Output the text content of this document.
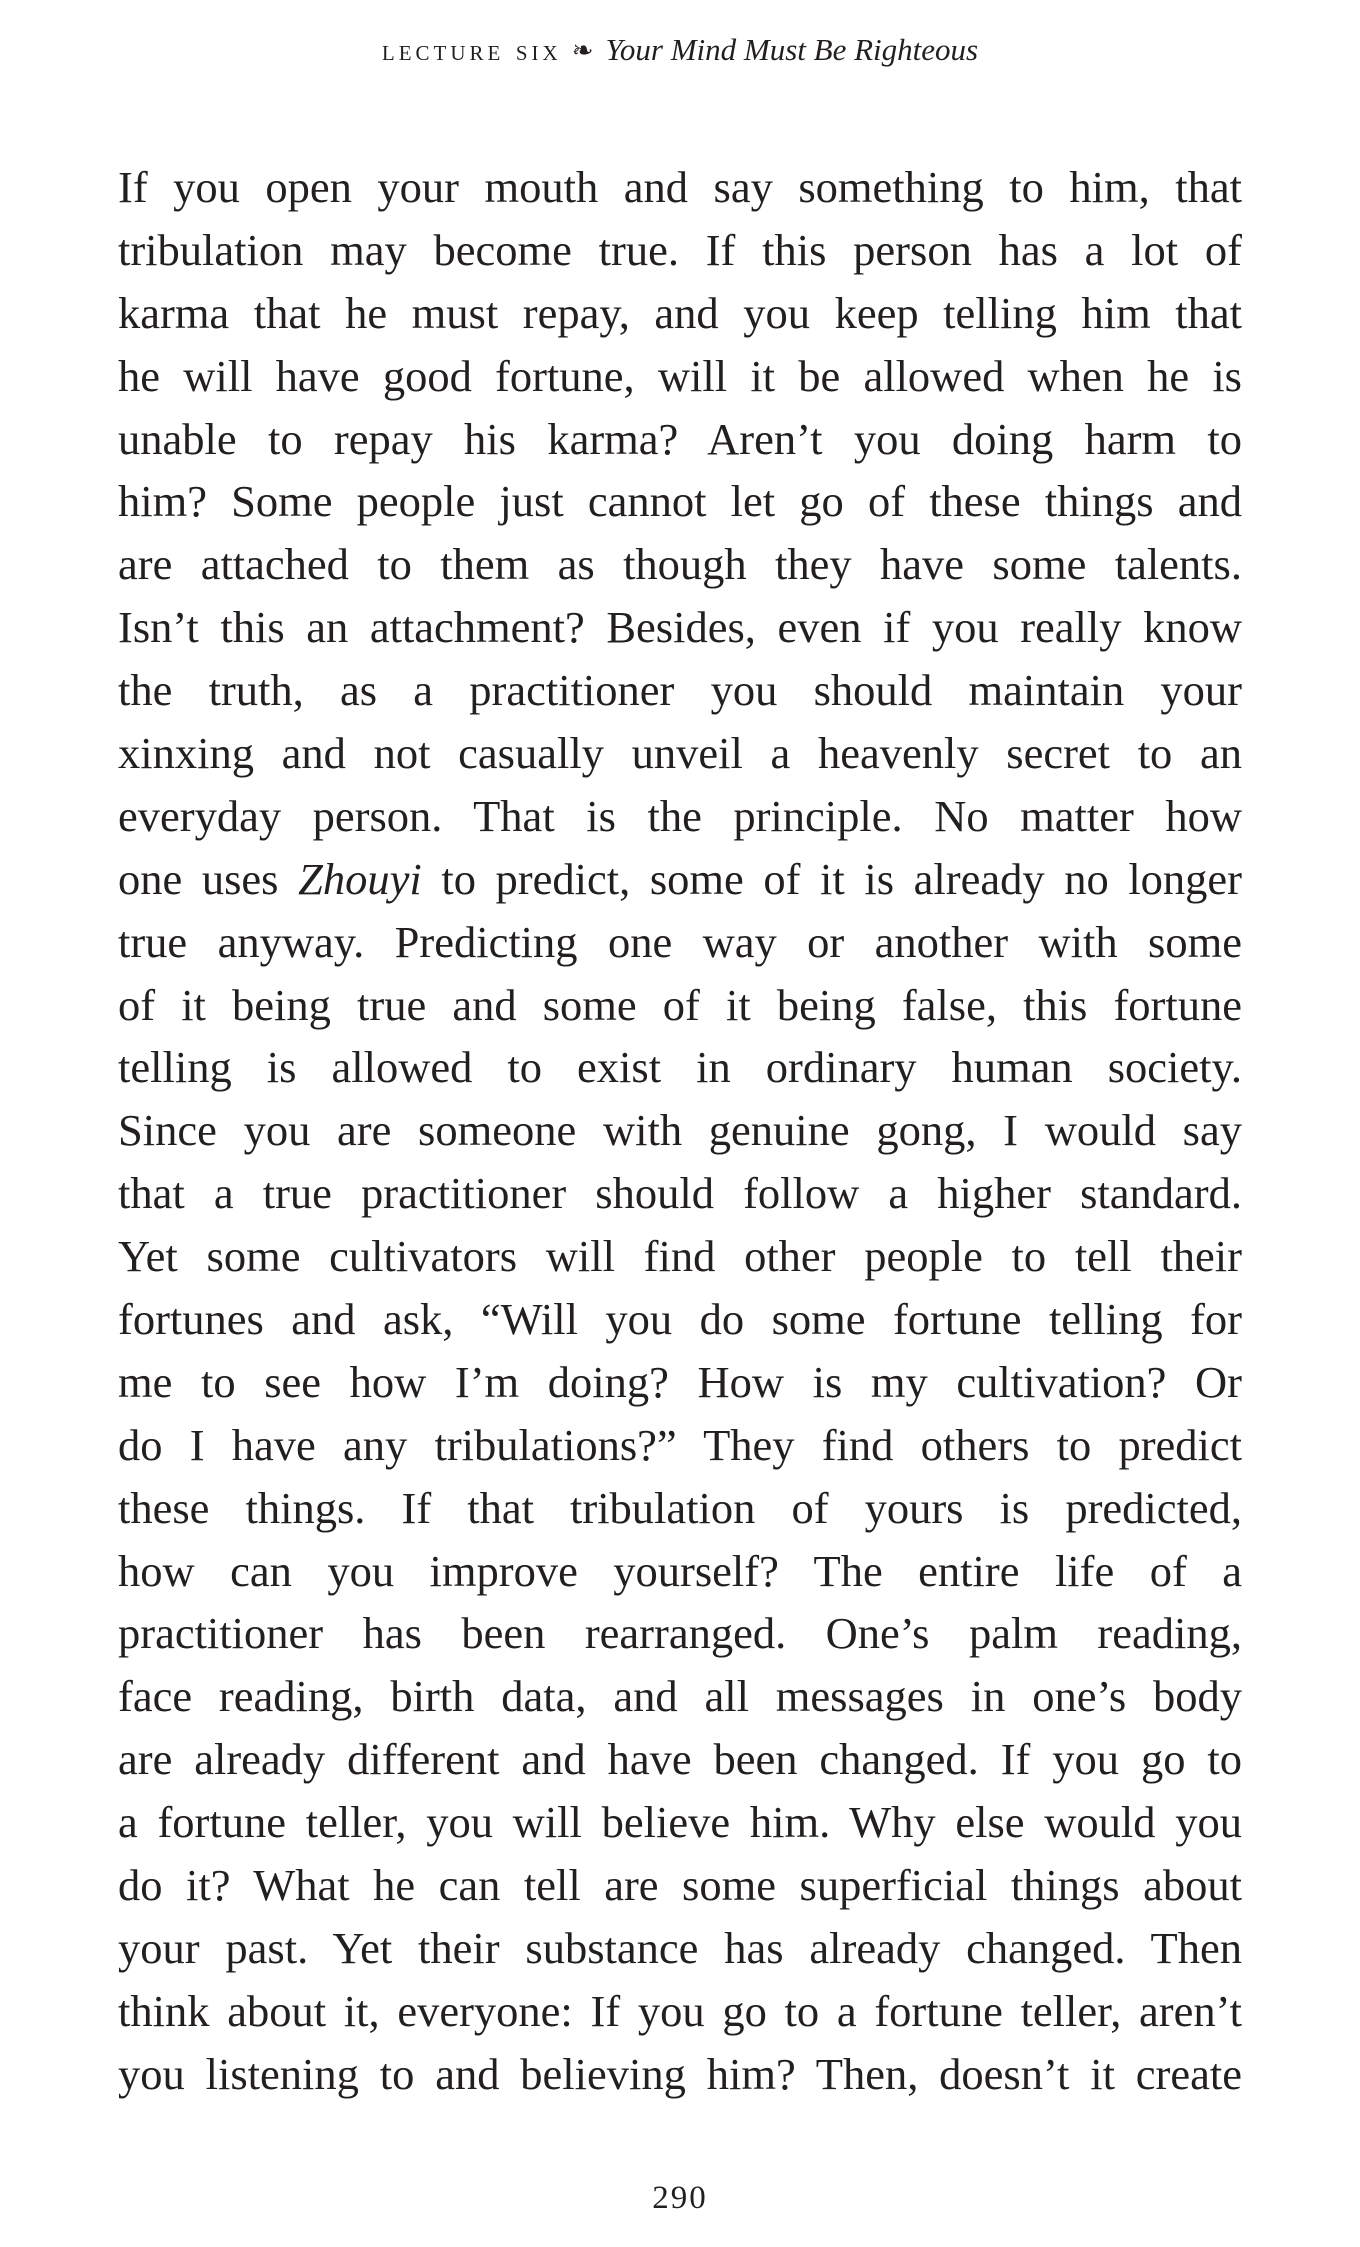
lecture six ❧ Your Mind Must Be Righteous
If you open your mouth and say something to him, that
tribulation may become true. If this person has a lot of
karma that he must repay, and you keep telling him that
he will have good fortune, will it be allowed when he is
unable to repay his karma? Aren’t you doing harm to
him? Some people just cannot let go of these things and
are attached to them as though they have some talents.
Isn’t this an attachment? Besides, even if you really know
the truth, as a practitioner you should maintain your
xinxing and not casually unveil a heavenly secret to an
everyday person. That is the principle. No matter how
one uses Zhouyi to predict, some of it is already no longer
true anyway. Predicting one way or another with some
of it being true and some of it being false, this fortune
telling is allowed to exist in ordinary human society.
Since you are someone with genuine gong, I would say
that a true practitioner should follow a higher standard.
Yet some cultivators will find other people to tell their
fortunes and ask, “Will you do some fortune telling for
me to see how I’m doing? How is my cultivation? Or
do I have any tribulations?” They find others to predict
these things. If that tribulation of yours is predicted,
how can you improve yourself? The entire life of a
practitioner has been rearranged. One’s palm reading,
face reading, birth data, and all messages in one’s body
are already different and have been changed. If you go to
a fortune teller, you will believe him. Why else would you
do it? What he can tell are some superficial things about
your past. Yet their substance has already changed. Then
think about it, everyone: If you go to a fortune teller, aren’t
you listening to and believing him? Then, doesn’t it create
290
